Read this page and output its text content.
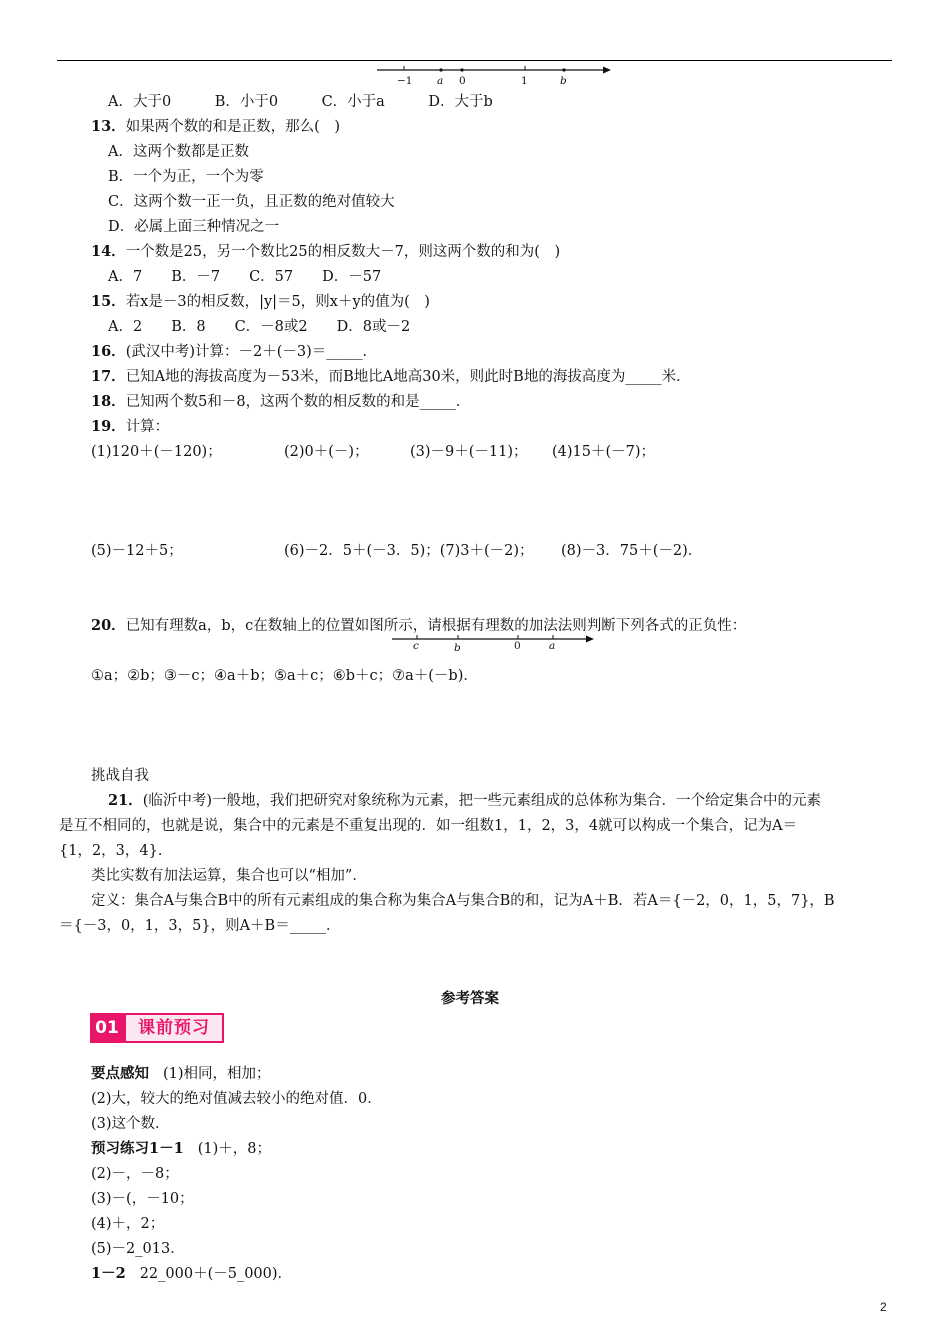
−1 a 0	1	b
A．大于0　　　B．小于0　　　C．小于a　　　D．大于b
13．如果两个数的和是正数，那么(　)
A．这两个数都是正数
B．一个为正，一个为零
C．这两个数一正一负，且正数的绝对值较大
D．必属上面三种情况之一
14．一个数是25，另一个数比25的相反数大－7，则这两个数的和为(　)
A．7　　B．－7　　C．57　　D．－57
15．若x是－3的相反数，|y|＝5，则x＋y的值为(　)
A．2　　B．8　　C．－8或2　　D．8或－2
16．(武汉中考)计算：－2＋(－3)＝_____．
17．已知A地的海拔高度为－53米，而B地比A地高30米，则此时B地的海拔高度为_____米．
18．已知两个数5和－8，这两个数的相反数的和是_____．
19．计算：
(1)120＋(－120)；	(2)0＋(－)；	(3)－9＋(－11)； (4)15＋(－7)；
(5)－12＋5；	(6)－2．5＋(－3．5)；(7)3＋(－2)； (8)－3．75＋(－2)．
20．已知有理数a，b，c在数轴上的位置如图所示，请根据有理数的加法法则判断下列各式的正负性：
c	b	0	a
①a；②b；③－c；④a＋b；⑤a＋c；⑥b＋c；⑦a＋(－b)．
挑战自我
21．(临沂中考)一般地，我们把研究对象统称为元素，把一些元素组成的总体称为集合．一个给定集合中的元素
是互不相同的，也就是说，集合中的元素是不重复出现的．如一组数1，1，2，3，4就可以构成一个集合，记为A＝
{1，2，3，4}．
类比实数有加法运算，集合也可以“相加”．
定义：集合A与集合B中的所有元素组成的集合称为集合A与集合B的和，记为A＋B．若A＝{－2，0，1，5，7}，B
＝{－3，0，1，3，5}，则A＋B＝_____．
参考答案
01	课前预习
要点感知 (1)相同，相加；
(2)大，较大的绝对值减去较小的绝对值．0．
(3)这个数．
预习练习1－1 (1)＋，8；
(2)－，－8；
(3)－(，－10；
(4)＋，2；
(5)－2_013．
1－2 22_000＋(－5_000)．
2
